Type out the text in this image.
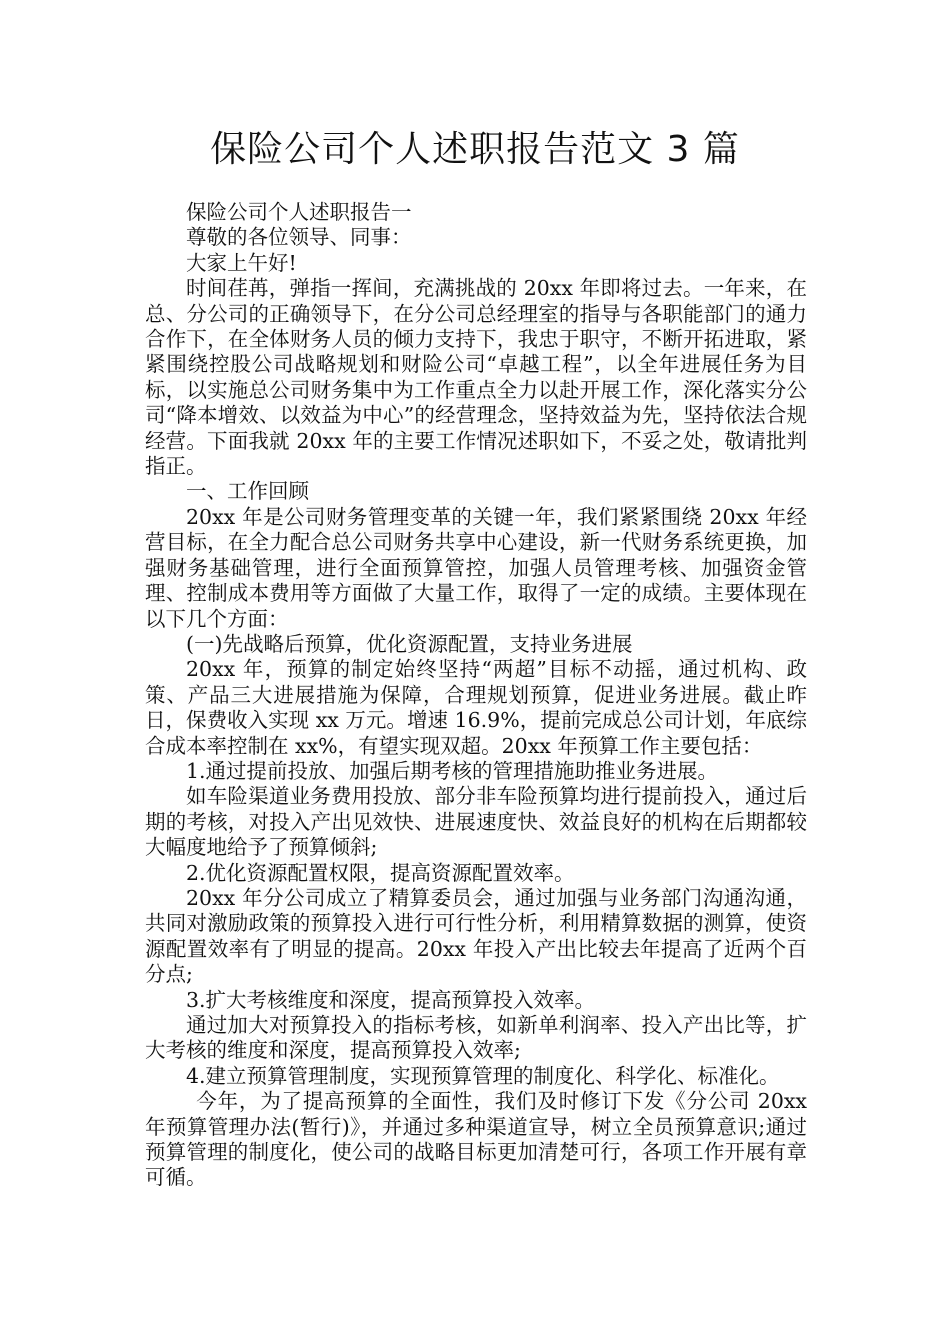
保险公司个人述职报告范文 3 篇

保险公司个人述职报告一

尊敬的各位领导、同事：

大家上午好!

时间荏苒，弹指一挥间，充满挑战的 20xx 年即将过去。一年来，在总、分公司的正确领导下，在分公司总经理室的指导与各职能部门的通力合作下，在全体财务人员的倾力支持下，我忠于职守，不断开拓进取，紧紧围绕控股公司战略规划和财险公司“卓越工程”，以全年进展任务为目标，以实施总公司财务集中为工作重点全力以赴开展工作，深化落实分公司“降本增效、以效益为中心”的经营理念，坚持效益为先，坚持依法合规经营。下面我就 20xx 年的主要工作情况述职如下，不妥之处，敬请批判指正。

一、工作回顾

20xx 年是公司财务管理变革的关键一年，我们紧紧围绕 20xx 年经营目标，在全力配合总公司财务共享中心建设，新一代财务系统更换，加强财务基础管理，进行全面预算管控，加强人员管理考核、加强资金管理、控制成本费用等方面做了大量工作，取得了一定的成绩。主要体现在以下几个方面：

(一)先战略后预算，优化资源配置，支持业务进展

20xx 年，预算的制定始终坚持“两超”目标不动摇，通过机构、政策、产品三大进展措施为保障，合理规划预算，促进业务进展。截止昨日，保费收入实现 xx 万元。增速 16.9%，提前完成总公司计划，年底综合成本率控制在 xx%，有望实现双超。20xx 年预算工作主要包括：

1.通过提前投放、加强后期考核的管理措施助推业务进展。

如车险渠道业务费用投放、部分非车险预算均进行提前投入，通过后期的考核，对投入产出见效快、进展速度快、效益良好的机构在后期都较大幅度地给予了预算倾斜;

2.优化资源配置权限，提高资源配置效率。

20xx 年分公司成立了精算委员会，通过加强与业务部门沟通沟通，共同对激励政策的预算投入进行可行性分析，利用精算数据的测算，使资源配置效率有了明显的提高。20xx 年投入产出比较去年提高了近两个百分点;

3.扩大考核维度和深度，提高预算投入效率。

通过加大对预算投入的指标考核，如新单利润率、投入产出比等，扩大考核的维度和深度，提高预算投入效率;

4.建立预算管理制度，实现预算管理的制度化、科学化、标准化。

今年，为了提高预算的全面性，我们及时修订下发《分公司 20xx 年预算管理办法(暂行)》，并通过多种渠道宣导，树立全员预算意识;通过预算管理的制度化，使公司的战略目标更加清楚可行，各项工作开展有章可循。
